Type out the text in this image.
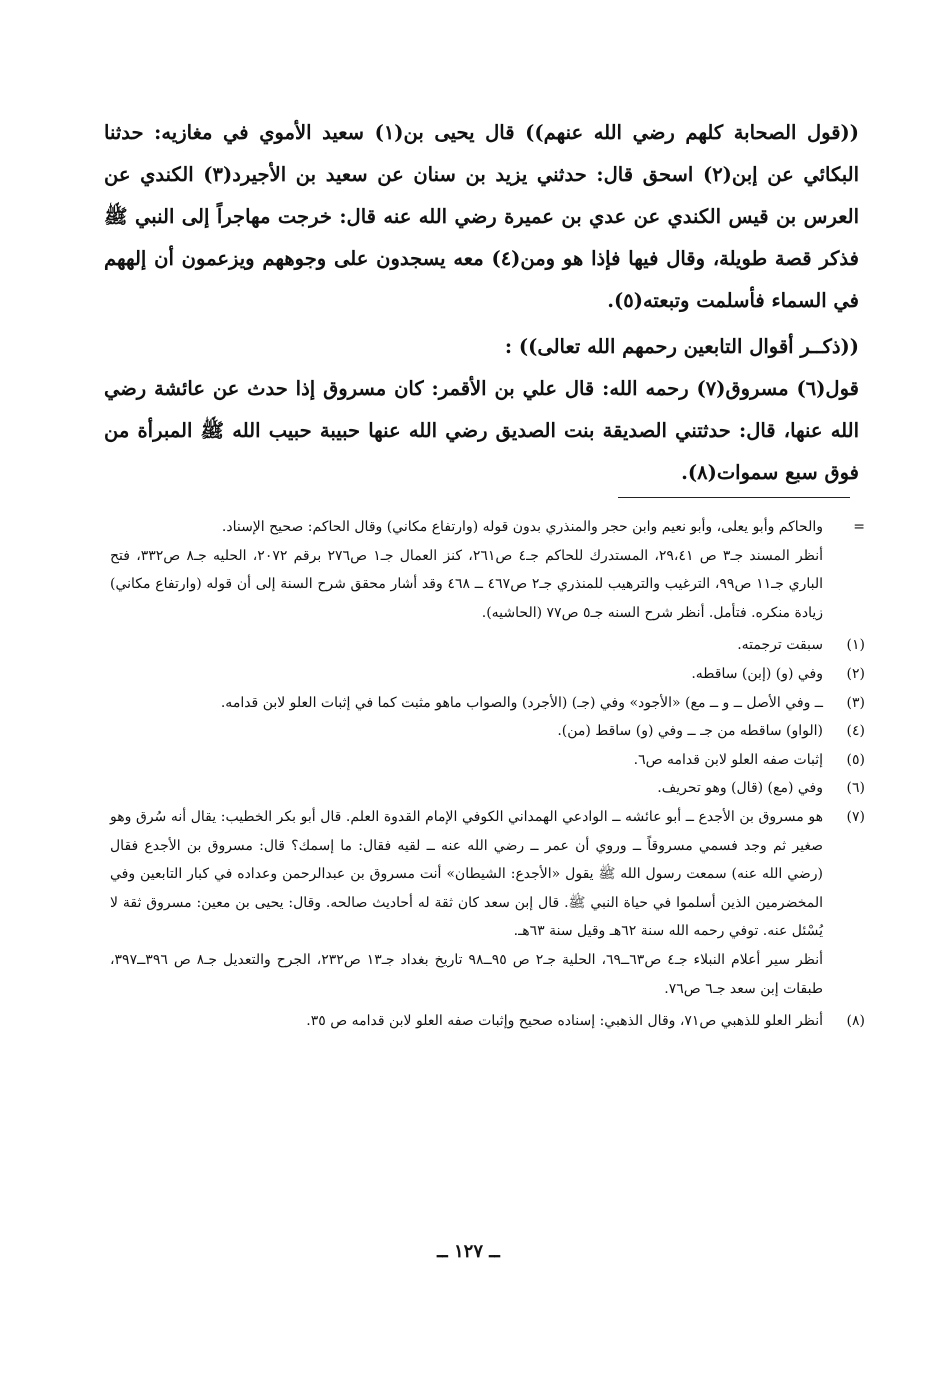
((قول الصحابة كلهم رضي الله عنهم)) قال يحيى بن(١) سعيد الأموي في مغازيه: حدثنا البكائي عن إبن(٢) اسحق قال: حدثني يزيد بن سنان عن سعيد بن الأجيرد(٣) الكندي عن العرس بن قيس الكندي عن عدي بن عميرة رضي الله عنه قال: خرجت مهاجراً إلى النبي ﷺ فذكر قصة طويلة، وقال فيها فإذا هو ومن(٤) معه يسجدون على وجوههم ويزعمون أن إلههم في السماء فأسلمت وتبعته(٥).

((ذكــر أقوال التابعين رحمهم الله تعالى)) :

قول(٦) مسروق(٧) رحمه الله: قال علي بن الأقمر: كان مسروق إذا حدث عن عائشة رضي الله عنها، قال: حدثتني الصديقة بنت الصديق رضي الله عنها حبيبة حبيب الله ﷺ المبرأة من فوق سبع سموات(٨).

=

والحاكم وأبو يعلى، وأبو نعيم وابن حجر والمنذري بدون قوله (وارتفاع مكاني) وقال الحاكم: صحيح الإسناد.

أنظر المسند جـ٣ ص ٢٩،٤١، المستدرك للحاكم جـ٤ ص٢٦١، كنز العمال جـ١ ص٢٧٦ برقم ٢٠٧٢، الحليه جـ٨ ص٣٣٢، فتح الباري جـ١١ ص٩٩، الترغيب والترهيب للمنذري جـ٢ ص٤٦٧ ــ ٤٦٨ وقد أشار محقق شرح السنة إلى أن قوله (وارتفاع مكاني) زيادة منكره. فتأمل. أنظر شرح السنه جـ٥ ص٧٧ (الحاشيه).

(١)
سبقت ترجمته.
(٢)
وفي (و) (إبن) ساقطه.
(٣)
ــ وفي الأصل ــ و ــ مع) «الأجود» وفي (جـ) (الأجرد) والصواب ماهو مثبت كما في إثبات العلو لابن قدامه.
(٤)
(الواو) ساقطه من جـ ــ وفي (و) ساقط (من).
(٥)
إثبات صفه العلو لابن قدامه ص٦.
(٦)
وفي (مع) (قال) وهو تحريف.
(٧)

هو مسروق بن الأجدع ــ أبو عائشه ــ الوادعي الهمداني الكوفي الإمام القدوة العلم. قال أبو بكر الخطيب: يقال أنه سُرق وهو صغير ثم وجد فسمي مسروقاً ــ وروي أن عمر ــ رضي الله عنه ــ لقيه فقال: ما إسمك؟ قال: مسروق بن الأجدع فقال (رضي الله عنه) سمعت رسول الله ﷺ يقول «الأجدع: الشيطان» أنت مسروق بن عبدالرحمن وعداده في كبار التابعين وفي المخضرمين الذين أسلموا في حياة النبي ﷺ. قال إبن سعد كان ثقة له أحاديث صالحه. وقال: يحيى بن معين: مسروق ثقة لا يُسْئل عنه. توفي رحمه الله سنة ٦٢هـ وقيل سنة ٦٣هـ.

أنظر سير أعلام النبلاء جـ٤ ص٦٣ــ٦٩، الحلية جـ٢ ص ٩٥ــ٩٨ تاريخ بغداد جـ١٣ ص٢٣٢، الجرح والتعديل جـ٨ ص ٣٩٦ــ٣٩٧، طبقات إبن سعد جـ٦ ص٧٦.

(٨)
أنظر العلو للذهبي ص٧١، وقال الذهبي: إسناده صحيح وإثبات صفه العلو لابن قدامه ص ٣٥.
ــ ١٢٧ ــ
